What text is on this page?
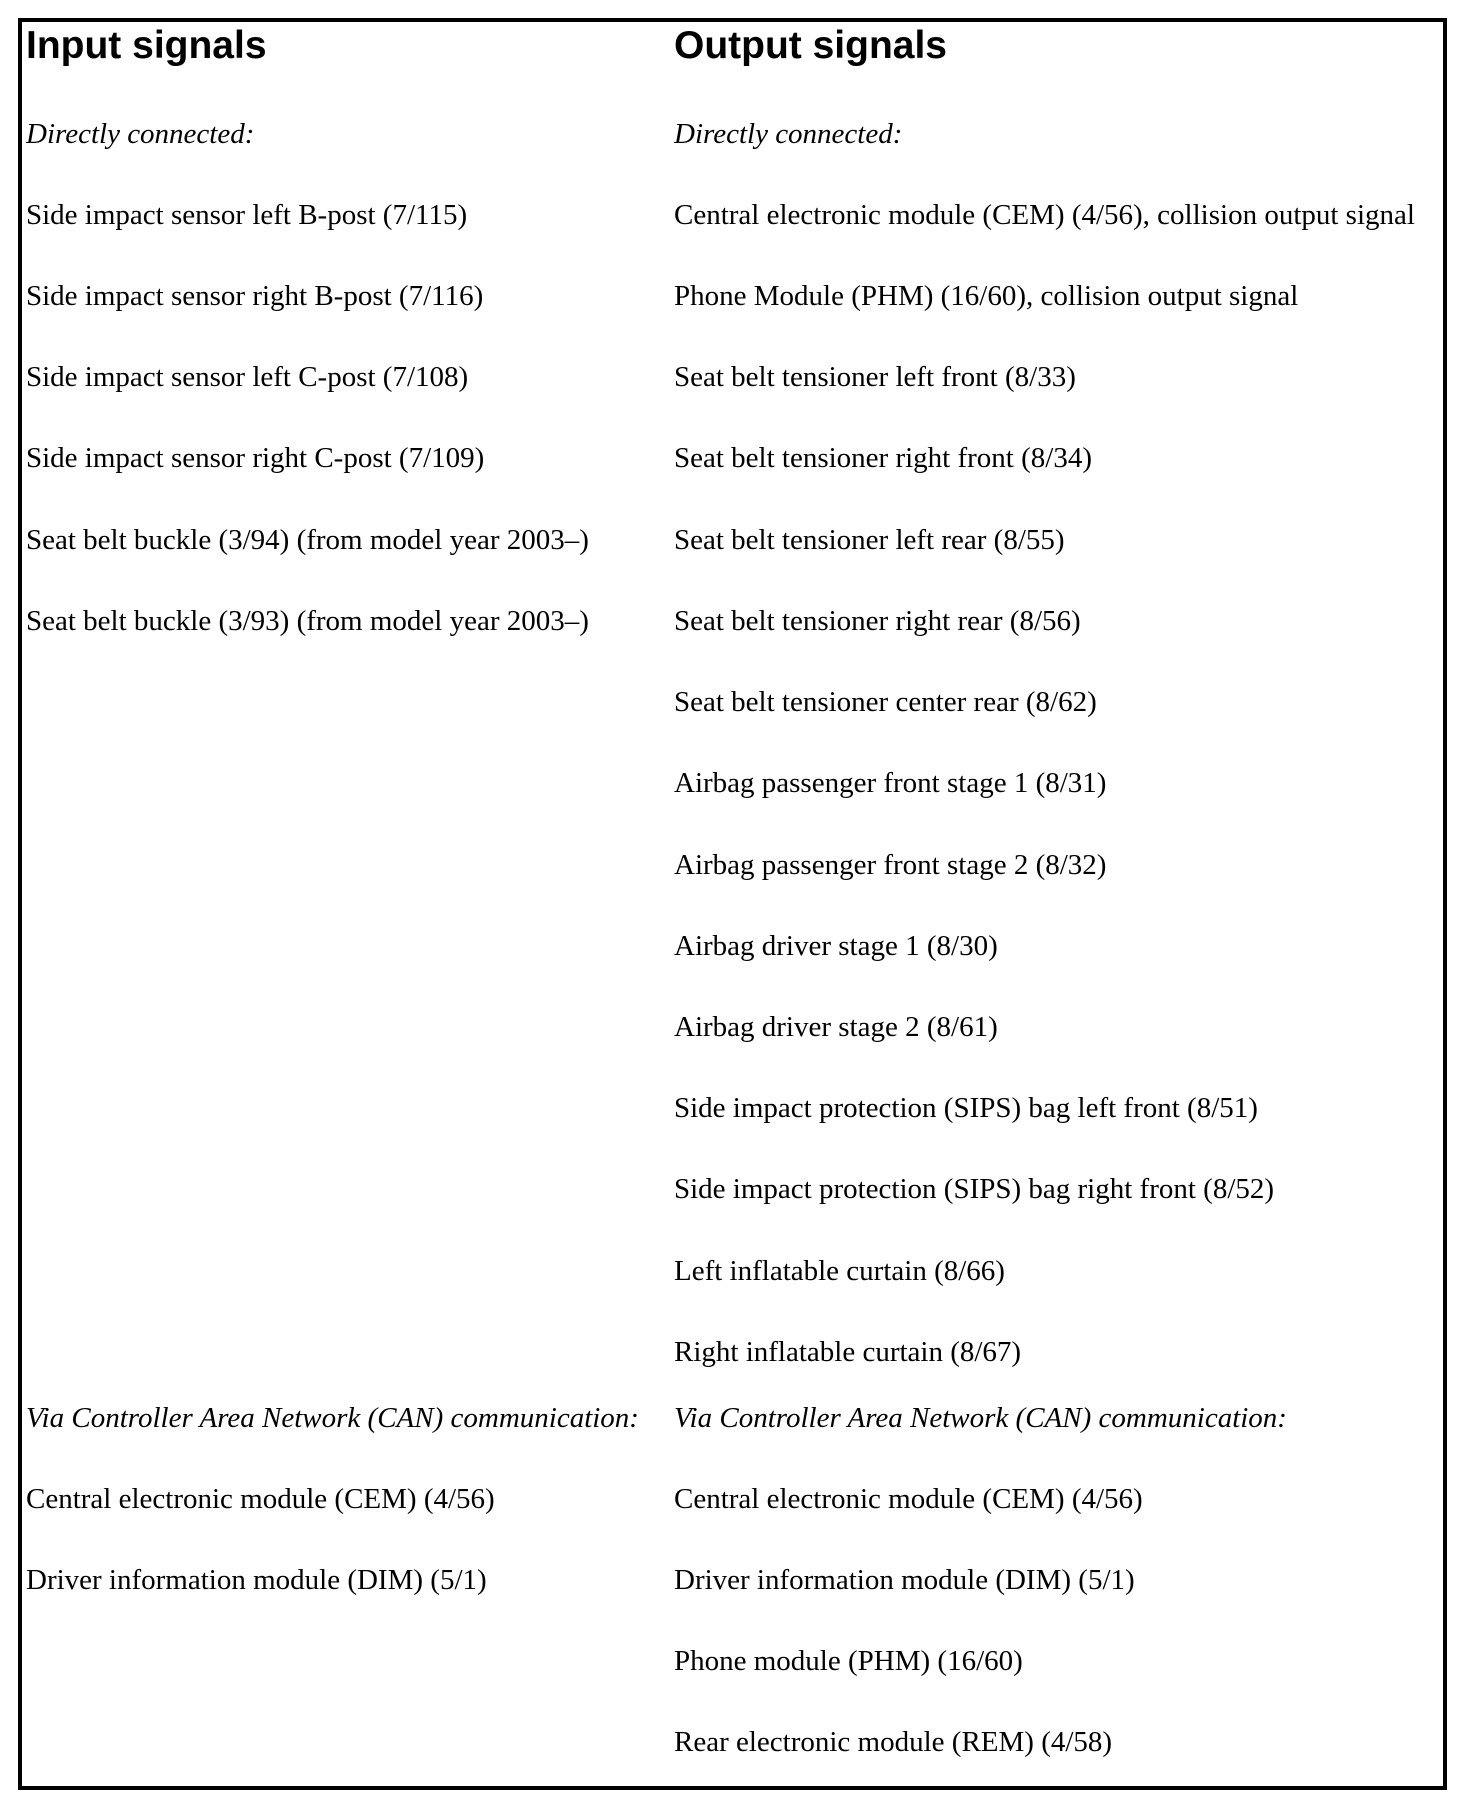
Input signals
Directly connected:
Side impact sensor left B-post (7/115)
Side impact sensor right B-post (7/116)
Side impact sensor left C-post (7/108)
Side impact sensor right C-post (7/109)
Seat belt buckle (3/94) (from model year 2003–)
Seat belt buckle (3/93) (from model year 2003–)
Via Controller Area Network (CAN) communication:
Central electronic module (CEM) (4/56)
Driver information module (DIM) (5/1)
Output signals
Directly connected:
Central electronic module (CEM) (4/56), collision output signal
Phone Module (PHM) (16/60), collision output signal
Seat belt tensioner left front (8/33)
Seat belt tensioner right front (8/34)
Seat belt tensioner left rear (8/55)
Seat belt tensioner right rear (8/56)
Seat belt tensioner center rear (8/62)
Airbag passenger front stage 1 (8/31)
Airbag passenger front stage 2 (8/32)
Airbag driver stage 1 (8/30)
Airbag driver stage 2 (8/61)
Side impact protection (SIPS) bag left front (8/51)
Side impact protection (SIPS) bag right front (8/52)
Left inflatable curtain (8/66)
Right inflatable curtain (8/67)
Via Controller Area Network (CAN) communication:
Central electronic module (CEM) (4/56)
Driver information module (DIM) (5/1)
Phone module (PHM) (16/60)
Rear electronic module (REM) (4/58)
